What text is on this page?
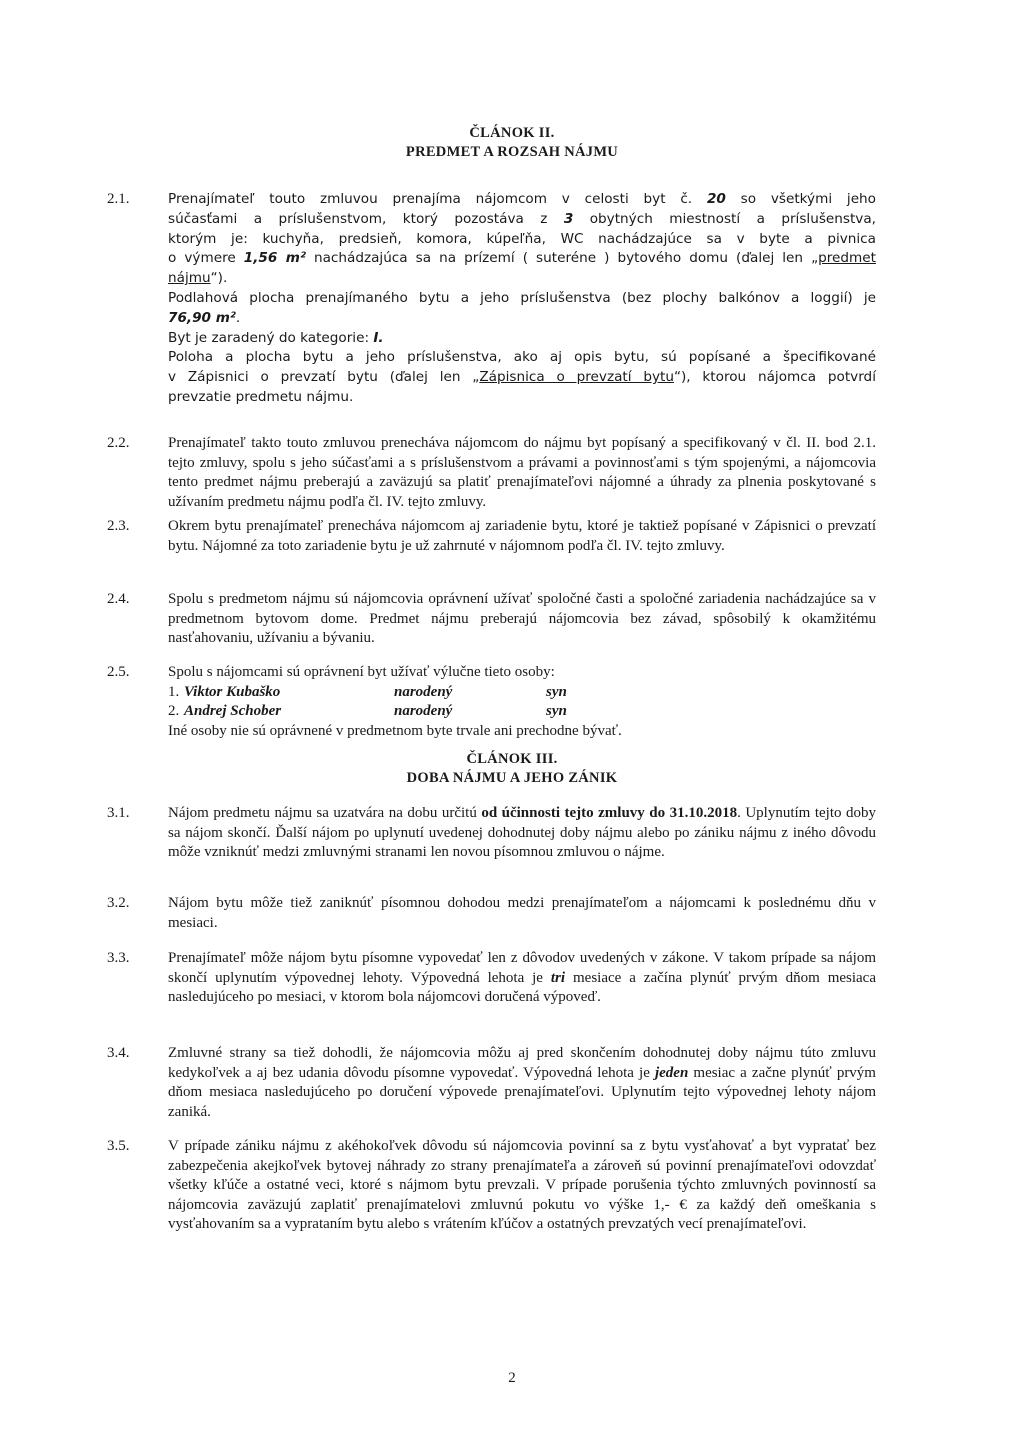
ČLÁNOK II.
PREDMET A ROZSAH NÁJMU
2.1.	Prenajímateľ touto zmluvou prenajíma nájomcom v celosti byt č. 20 so všetkými jeho

súčasťami a príslušenstvom, ktorý pozostáva z 3 obytných miestností a príslušenstva,

ktorým je: kuchyňa, predsieň, komora, kúpeľňa, WC nachádzajúce sa v byte a pivnica

o výmere 1,56 m² nachádzajúca sa na prízemí ( suteréne ) bytového domu (ďalej len „predmet

nájmu“).

Podlahová plocha prenajímaného bytu a jeho príslušenstva (bez plochy balkónov a loggií) je

76,90 m².

Byt je zaradený do kategorie: I.

Poloha a plocha bytu a jeho príslušenstva, ako aj opis bytu, sú popísané a špecifikované

v Zápisnici o prevzatí bytu (ďalej len „Zápisnica o prevzatí bytu“), ktorou nájomca potvrdí

prevzatie predmetu nájmu.

2.2.	Prenajímateľ takto touto zmluvou prenecháva nájomcom do nájmu byt popísaný a specifikovaný v čl. II. bod 2.1. tejto zmluvy, spolu s jeho súčasťami a s príslušenstvom a právami a povinnosťami s tým spojenými, a nájomcovia tento predmet nájmu preberajú a zaväzujú sa platiť prenajímateľovi nájomné a úhrady za plnenia poskytované s užívaním predmetu nájmu podľa čl. IV. tejto zmluvy.

2.3.	Okrem bytu prenajímateľ prenecháva nájomcom aj zariadenie bytu, ktoré je taktiež popísané v Zápisnici o prevzatí bytu. Nájomné za toto zariadenie bytu je už zahrnuté v nájomnom podľa čl. IV. tejto zmluvy.

2.4.	Spolu s predmetom nájmu sú nájomcovia oprávnení užívať spoločné časti a spoločné zariadenia nachádzajúce sa v predmetnom bytovom dome. Predmet nájmu preberajú nájomcovia bez závad, spôsobilý k okamžitému nasťahovaniu, užívaniu a bývaniu.

2.5.	Spolu s nájomcami sú oprávnení byt užívať výlučne tieto osoby:

1. Viktor Kubaško	narodený	syn
2. Andrej Schober	narodený	syn

Iné osoby nie sú oprávnené v predmetnom byte trvale ani prechodne bývať.

ČLÁNOK III.
DOBA NÁJMU A JEHO ZÁNIK
3.1.	Nájom predmetu nájmu sa uzatvára na dobu určitú od účinnosti tejto zmluvy do 31.10.2018. Uplynutím tejto doby sa nájom skončí. Ďalší nájom po uplynutí uvedenej dohodnutej doby nájmu alebo po zániku nájmu z iného dôvodu môže vzniknúť medzi zmluvnými stranami len novou písomnou zmluvou o nájme.

3.2.	Nájom bytu môže tiež zaniknúť písomnou dohodou medzi prenajímateľom a nájomcami k poslednému dňu v mesiaci.

3.3.	Prenajímateľ môže nájom bytu písomne vypovedať len z dôvodov uvedených v zákone. V takom prípade sa nájom skončí uplynutím výpovednej lehoty. Výpovedná lehota je tri mesiace a začína plynúť prvým dňom mesiaca nasledujúceho po mesiaci, v ktorom bola nájomcovi doručená výpoveď.

3.4.	Zmluvné strany sa tiež dohodli, že nájomcovia môžu aj pred skončením dohodnutej doby nájmu túto zmluvu kedykoľvek a aj bez udania dôvodu písomne vypovedať. Výpovedná lehota je jeden mesiac a začne plynúť prvým dňom mesiaca nasledujúceho po doručení výpovede prenajímateľovi. Uplynutím tejto výpovednej lehoty nájom zaniká.

3.5.	V prípade zániku nájmu z akéhokoľvek dôvodu sú nájomcovia povinní sa z bytu vysťahovať a byt vypratať bez zabezpečenia akejkoľvek bytovej náhrady zo strany prenajímateľa a zároveň sú povinní prenajímateľovi odovzdať všetky kľúče a ostatné veci, ktoré s nájmom bytu prevzali. V prípade porušenia týchto zmluvných povinností sa nájomcovia zaväzujú zaplatiť prenajímatelovi zmluvnú pokutu vo výške 1,- € za každý deň omeškania s vysťahovaním sa a vyprataním bytu alebo s vrátením kľúčov a ostatných prevzatých vecí prenajímateľovi.

2
